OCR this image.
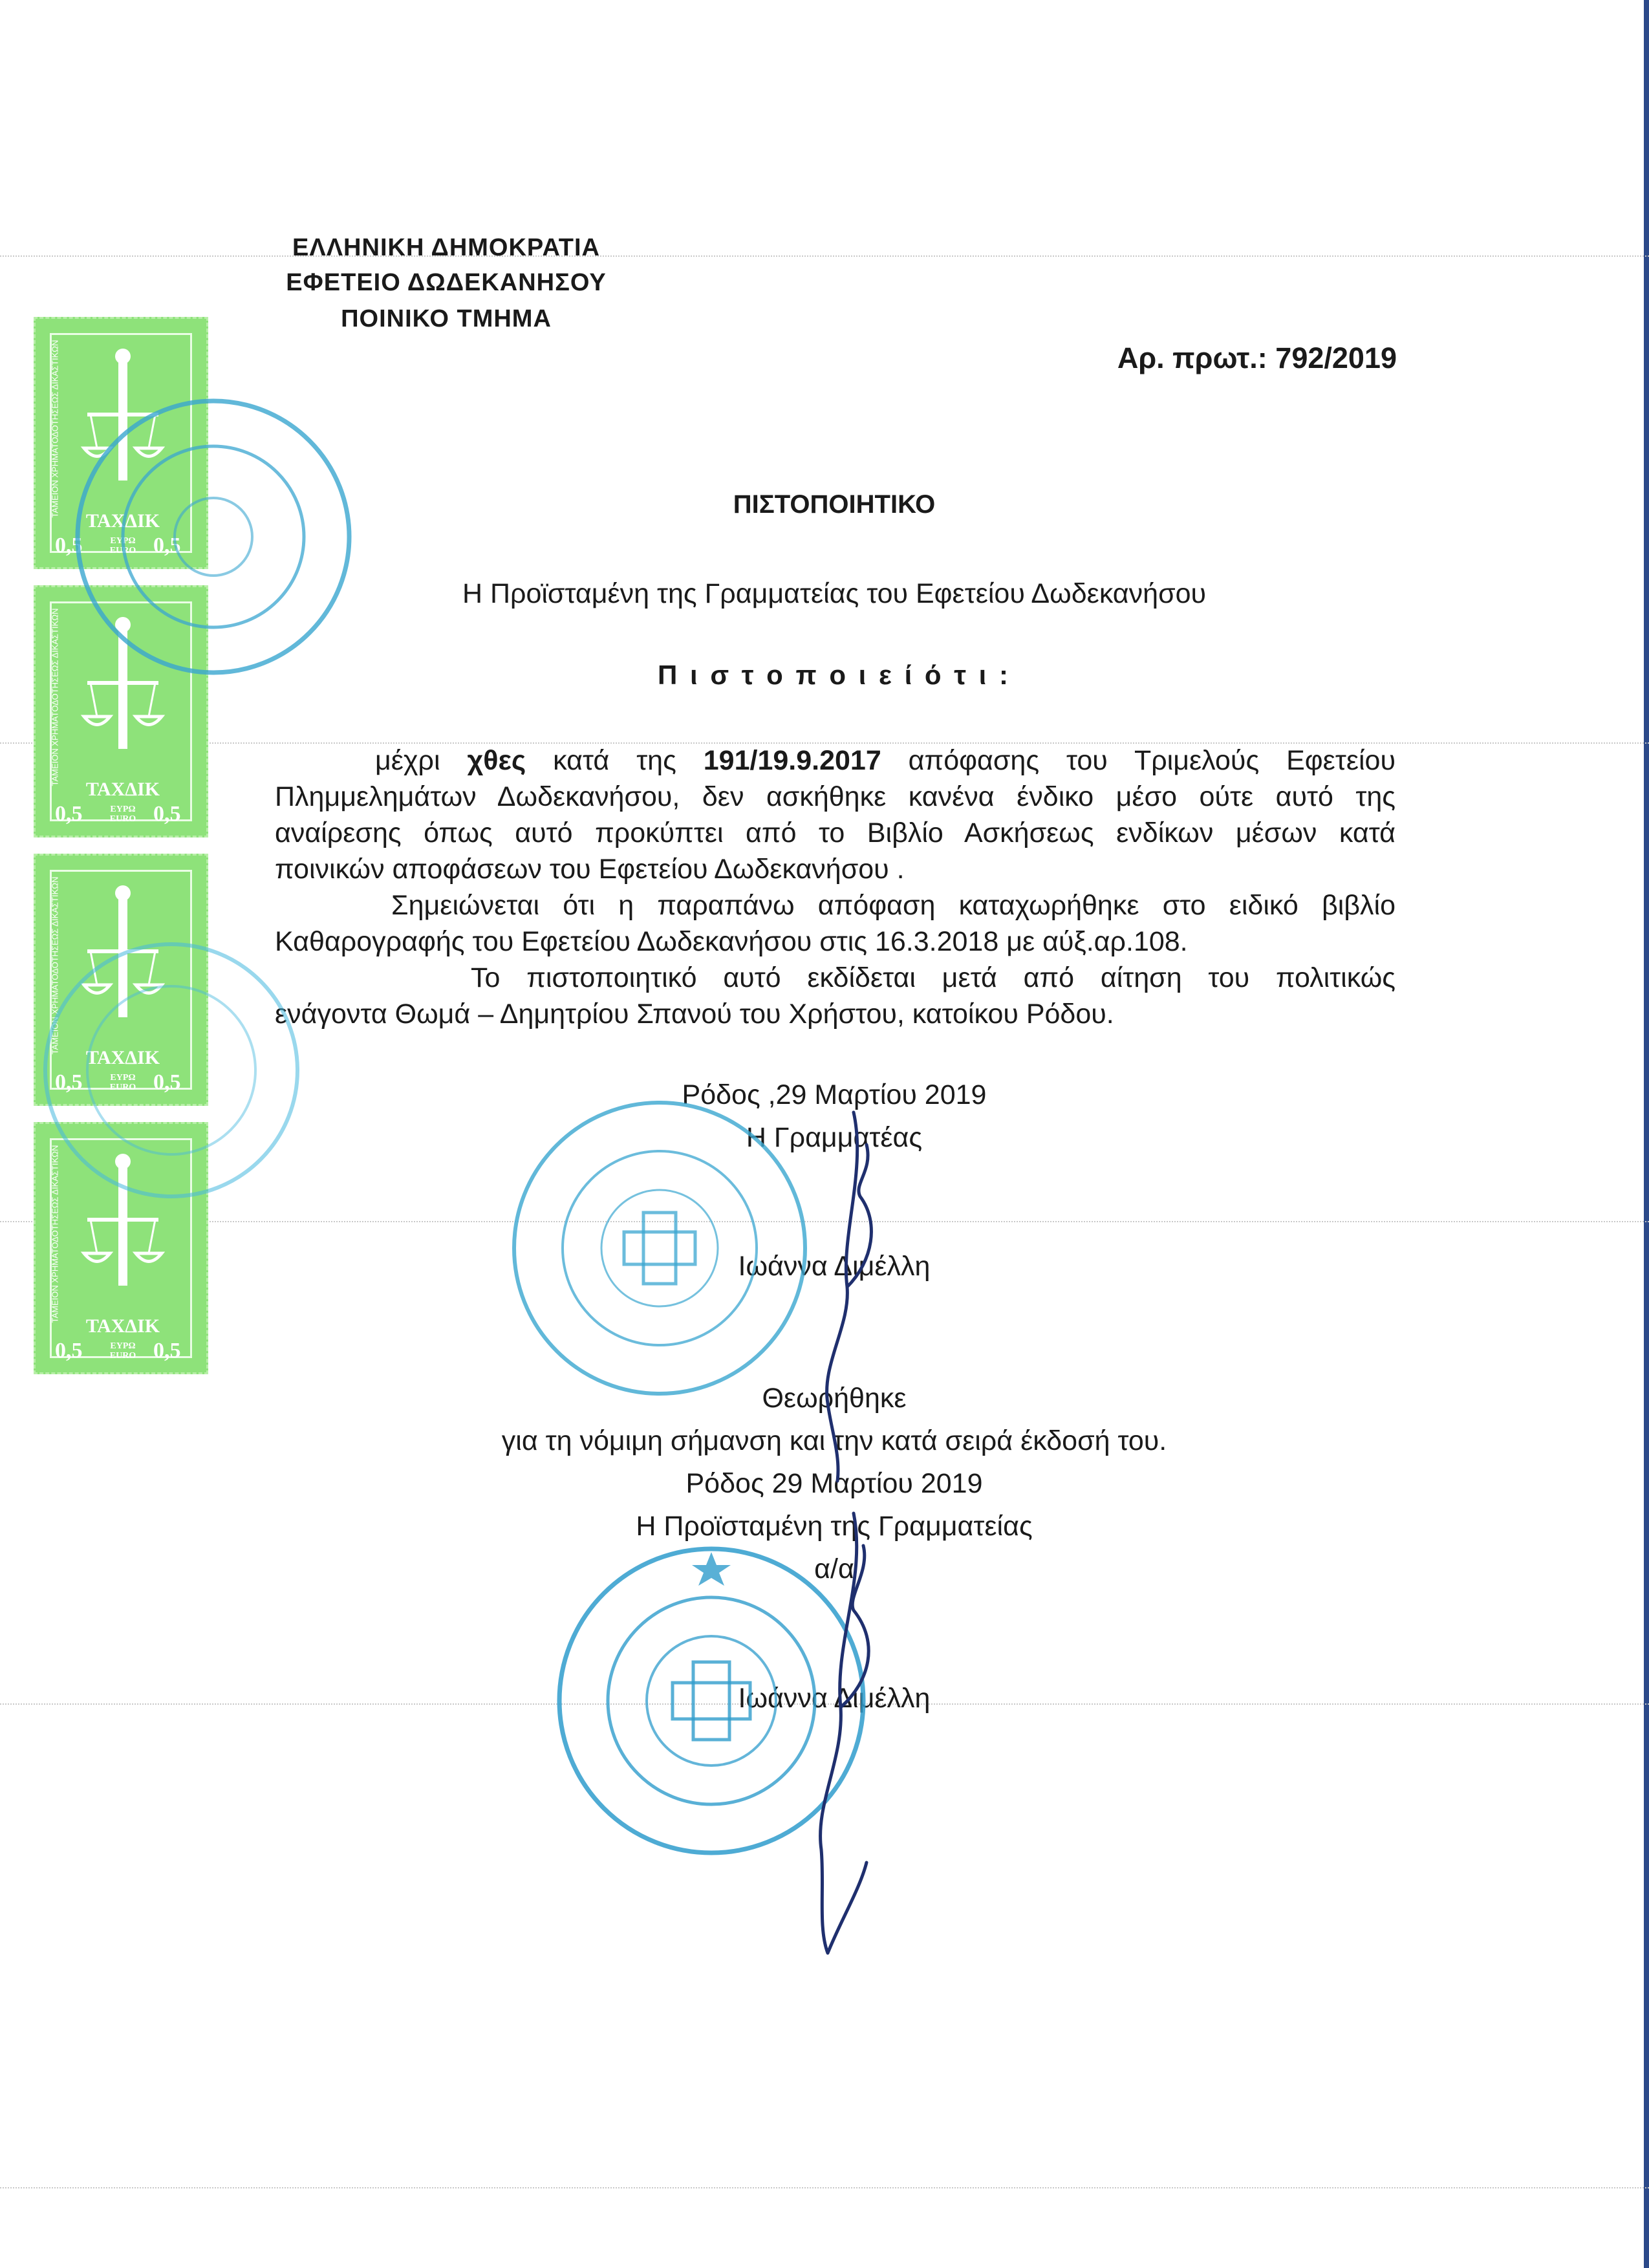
ΕΛΛΗΝΙΚΗ ΔΗΜΟΚΡΑΤΙΑ
ΕΦΕΤΕΙΟ ΔΩΔΕΚΑΝΗΣΟΥ
ΠΟΙΝΙΚΟ ΤΜΗΜΑ
Αρ. πρωτ.: 792/2019
ΠΙΣΤΟΠΟΙΗΤΙΚΟ
Η Προϊσταμένη της Γραμματείας του Εφετείου Δωδεκανήσου
Π ι σ τ ο π ο ι ε ί ό τ ι :
μέχρι χθες κατά της 191/19.9.2017 απόφασης του Τριμελούς Εφετείου
Πλημμελημάτων Δωδεκανήσου, δεν ασκήθηκε κανένα ένδικο μέσο ούτε αυτό της
αναίρεσης όπως αυτό προκύπτει από το Βιβλίο Ασκήσεως ενδίκων μέσων κατά
ποινικών αποφάσεων του Εφετείου Δωδεκανήσου .
Σημειώνεται ότι η παραπάνω απόφαση καταχωρήθηκε στο ειδικό βιβλίο
Καθαρογραφής του Εφετείου Δωδεκανήσου στις 16.3.2018 με αύξ.αρ.108.
Το πιστοποιητικό αυτό εκδίδεται μετά από αίτηση του πολιτικώς
ενάγοντα Θωμά – Δημητρίου Σπανού του Χρήστου, κατοίκου Ρόδου.
Ρόδος ,29 Μαρτίου 2019
Η Γραμματέας
Ιωάννα Διμέλλη
Θεωρήθηκε
για τη νόμιμη σήμανση και την κατά σειρά έκδοσή του.
Ρόδος 29 Μαρτίου 2019
Η Προϊσταμένη της Γραμματείας
α/α
Ιωάννα Διμέλλη
ΤΑΧΔΙΚ
0,5	ΕΥΡΩ EURO 0,5
ΤΑΜΕΙΟΝ ΧΡΗΜΑΤΟΔΟΤΗΣΕΩΣ ΔΙΚΑΣΤΙΚΩΝ
ΤΑΧΔΙΚ
0,5	ΕΥΡΩ EURO 0,5
ΤΑΜΕΙΟΝ ΧΡΗΜΑΤΟΔΟΤΗΣΕΩΣ ΔΙΚΑΣΤΙΚΩΝ
ΤΑΧΔΙΚ
0,5	ΕΥΡΩ EURO 0,5
ΤΑΜΕΙΟΝ ΧΡΗΜΑΤΟΔΟΤΗΣΕΩΣ ΔΙΚΑΣΤΙΚΩΝ
ΤΑΧΔΙΚ
0,5	ΕΥΡΩ EURO 0,5
ΤΑΜΕΙΟΝ ΧΡΗΜΑΤΟΔΟΤΗΣΕΩΣ ΔΙΚΑΣΤΙΚΩΝ
